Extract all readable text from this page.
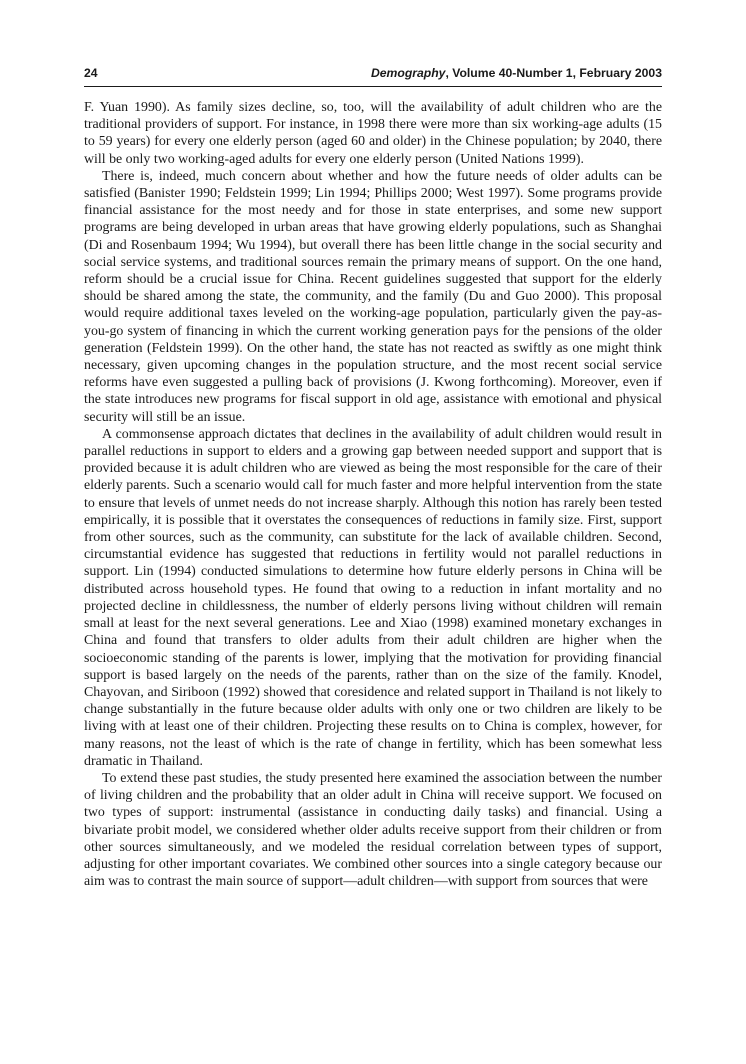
24	Demography, Volume 40-Number 1, February 2003

F. Yuan 1990). As family sizes decline, so, too, will the availability of adult children who are the traditional providers of support. For instance, in 1998 there were more than six working-age adults (15 to 59 years) for every one elderly person (aged 60 and older) in the Chinese population; by 2040, there will be only two working-aged adults for every one elderly person (United Nations 1999).

There is, indeed, much concern about whether and how the future needs of older adults can be satisfied (Banister 1990; Feldstein 1999; Lin 1994; Phillips 2000; West 1997). Some programs provide financial assistance for the most needy and for those in state enterprises, and some new support programs are being developed in urban areas that have growing elderly populations, such as Shanghai (Di and Rosenbaum 1994; Wu 1994), but overall there has been little change in the social security and social service systems, and traditional sources remain the primary means of support. On the one hand, reform should be a crucial issue for China. Recent guidelines suggested that support for the elderly should be shared among the state, the community, and the family (Du and Guo 2000). This proposal would require additional taxes leveled on the working-age population, particularly given the pay-as-you-go system of financing in which the current working generation pays for the pensions of the older generation (Feldstein 1999). On the other hand, the state has not reacted as swiftly as one might think necessary, given upcoming changes in the population structure, and the most recent social service reforms have even suggested a pulling back of provisions (J. Kwong forthcoming). Moreover, even if the state introduces new programs for fiscal support in old age, assistance with emotional and physical security will still be an issue.

A commonsense approach dictates that declines in the availability of adult children would result in parallel reductions in support to elders and a growing gap between needed support and support that is provided because it is adult children who are viewed as being the most responsible for the care of their elderly parents. Such a scenario would call for much faster and more helpful intervention from the state to ensure that levels of unmet needs do not increase sharply. Although this notion has rarely been tested empirically, it is possible that it overstates the consequences of reductions in family size. First, support from other sources, such as the community, can substitute for the lack of available children. Second, circumstantial evidence has suggested that reductions in fertility would not parallel reductions in support. Lin (1994) conducted simulations to determine how future elderly persons in China will be distributed across household types. He found that owing to a reduction in infant mortality and no projected decline in childlessness, the number of elderly persons living without children will remain small at least for the next several generations. Lee and Xiao (1998) examined monetary exchanges in China and found that transfers to older adults from their adult children are higher when the socioeconomic standing of the parents is lower, implying that the motivation for providing financial support is based largely on the needs of the parents, rather than on the size of the family. Knodel, Chayovan, and Siriboon (1992) showed that coresidence and related support in Thailand is not likely to change substantially in the future because older adults with only one or two children are likely to be living with at least one of their children. Projecting these results on to China is complex, however, for many reasons, not the least of which is the rate of change in fertility, which has been somewhat less dramatic in Thailand.

To extend these past studies, the study presented here examined the association between the number of living children and the probability that an older adult in China will receive support. We focused on two types of support: instrumental (assistance in conducting daily tasks) and financial. Using a bivariate probit model, we considered whether older adults receive support from their children or from other sources simultaneously, and we modeled the residual correlation between types of support, adjusting for other important covariates. We combined other sources into a single category because our aim was to contrast the main source of support—adult children—with support from sources that were
